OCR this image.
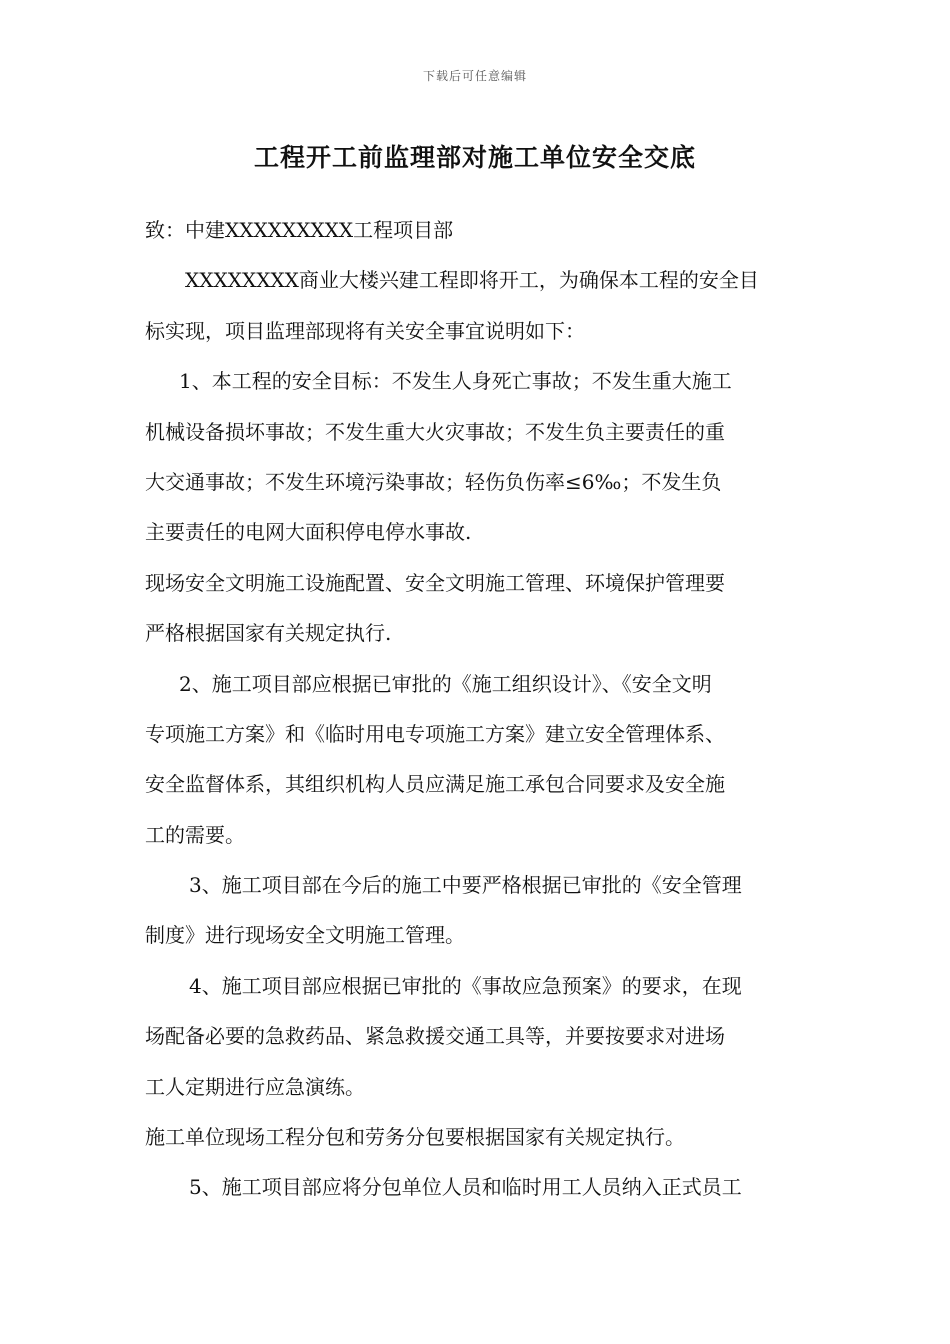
下载后可任意编辑
工程开工前监理部对施工单位安全交底
致：中建XXXXXXXXX工程项目部
XXXXXXXX商业大楼兴建工程即将开工，为确保本工程的安全目
标实现，项目监理部现将有关安全事宜说明如下：
1、本工程的安全目标：不发生人身死亡事故；不发生重大施工
机械设备损坏事故；不发生重大火灾事故；不发生负主要责任的重
大交通事故；不发生环境污染事故；轻伤负伤率≤6‰；不发生负
主要责任的电网大面积停电停水事故.
现场安全文明施工设施配置、安全文明施工管理、环境保护管理要
严格根据国家有关规定执行.
2、施工项目部应根据已审批的《施工组织设计》、《安全文明
专项施工方案》和《临时用电专项施工方案》建立安全管理体系、
安全监督体系，其组织机构人员应满足施工承包合同要求及安全施
工的需要。
3、施工项目部在今后的施工中要严格根据已审批的《安全管理
制度》进行现场安全文明施工管理。
4、施工项目部应根据已审批的《事故应急预案》的要求，在现
场配备必要的急救药品、紧急救援交通工具等，并要按要求对进场
工人定期进行应急演练。
施工单位现场工程分包和劳务分包要根据国家有关规定执行。
5、施工项目部应将分包单位人员和临时用工人员纳入正式员工
